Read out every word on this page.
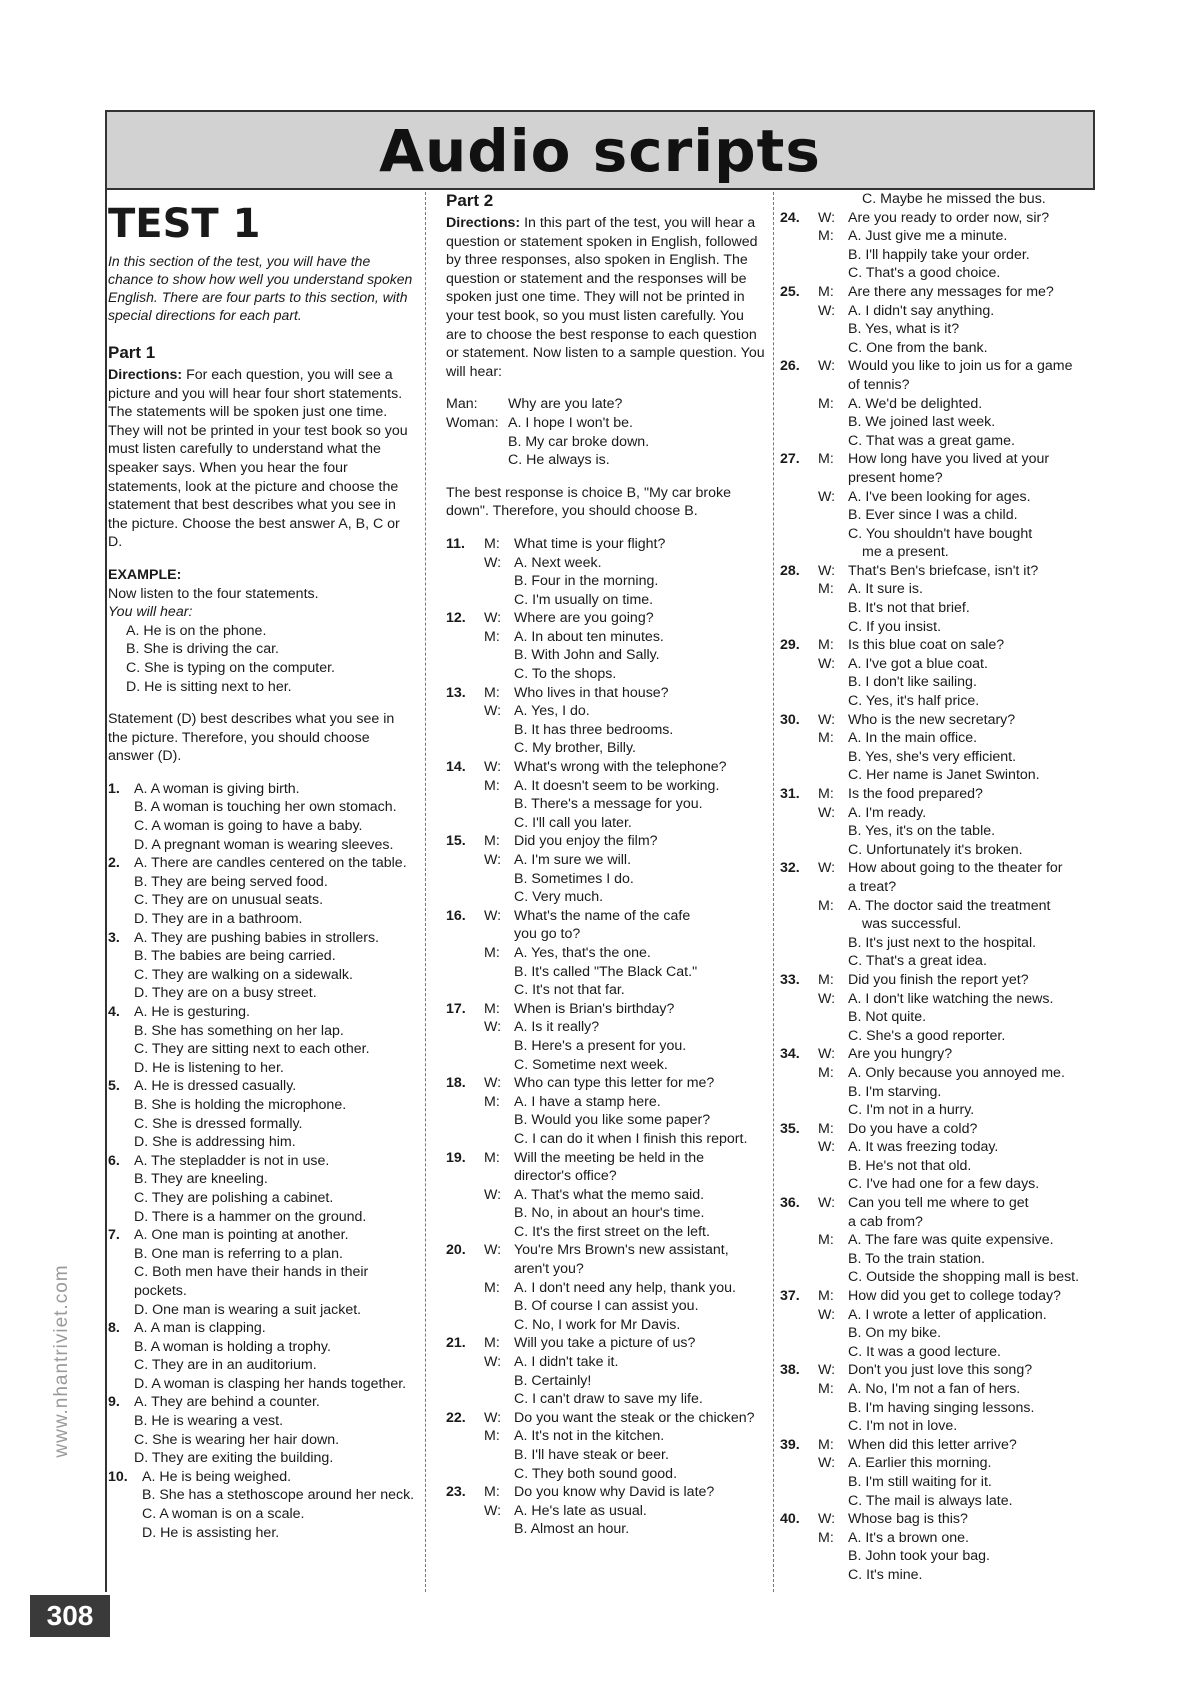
Audio scripts
TEST 1

In this section of the test, you will have the chance to show how well you understand spoken English. There are four parts to this section, with special directions for each part.

Part 1

Directions: For each question, you will see a picture and you will hear four short statements. The statements will be spoken just one time. They will not be printed in your test book so you must listen carefully to understand what the speaker says. When you hear the four statements, look at the picture and choose the statement that best describes what you see in the picture. Choose the best answer A, B, C or D.

EXAMPLE:

Now listen to the four statements.

You will hear:

A. He is on the phone.

B. She is driving the car.

C. She is typing on the computer.

D. He is sitting next to her.

Statement (D) best describes what you see in the picture. Therefore, you should choose answer (D).

1. A. A woman is giving birth.
B. A woman is touching her own stomach.
C. A woman is going to have a baby.
D. A pregnant woman is wearing sleeves.
2. A. There are candles centered on the table.
B. They are being served food.
C. They are on unusual seats.
D. They are in a bathroom.
3. A. They are pushing babies in strollers.
B. The babies are being carried.
C. They are walking on a sidewalk.
D. They are on a busy street.
4. A. He is gesturing.
B. She has something on her lap.
C. They are sitting next to each other.
D. He is listening to her.
5. A. He is dressed casually.
B. She is holding the microphone.
C. She is dressed formally.
D. She is addressing him.
6. A. The stepladder is not in use.
B. They are kneeling.
C. They are polishing a cabinet.
D. There is a hammer on the ground.
7. A. One man is pointing at another.
B. One man is referring to a plan.
C. Both men have their hands in their pockets.
D. One man is wearing a suit jacket.
8. A. A man is clapping.
B. A woman is holding a trophy.
C. They are in an auditorium.
D. A woman is clasping her hands together.
9. A. They are behind a counter.
B. He is wearing a vest.
C. She is wearing her hair down.
D. They are exiting the building.
10.	A. He is being weighed.
B. She has a stethoscope around her neck.
C. A woman is on a scale.
D. He is assisting her.
Part 2

Directions: In this part of the test, you will hear a question or statement spoken in English, followed by three responses, also spoken in English. The question or statement and the responses will be spoken just one time. They will not be printed in your test book, so you must listen carefully. You are to choose the best response to each question or statement. Now listen to a sample question. You will hear:

Man:	Why are you late?
Woman: A. I hope I won't be.
B. My car broke down.
C. He always is.

The best response is choice B, "My car broke down". Therefore, you should choose B.

11.	M:	What time is your flight?
W: A. Next week.
B. Four in the morning.
C. I'm usually on time.
12.	W: Where are you going?
M:	A. In about ten minutes.
B. With John and Sally.
C. To the shops.
13.	M:	Who lives in that house?
W: A. Yes, I do.
B. It has three bedrooms.
C. My brother, Billy.
14.	W: What's wrong with the telephone?
M:	A. It doesn't seem to be working.
B. There's a message for you.
C. I'll call you later.
15.	M:	Did you enjoy the film?
W: A. I'm sure we will.
B. Sometimes I do.
C. Very much.
16.	W: What's the name of the cafe
you go to?
M:	A. Yes, that's the one.
B. It's called "The Black Cat."
C. It's not that far.
17.	M:	When is Brian's birthday?
W: A. Is it really?
B. Here's a present for you.
C. Sometime next week.
18.	W: Who can type this letter for me?
M:	A. I have a stamp here.
B. Would you like some paper?
C. I can do it when I finish this report.
19.	M:	Will the meeting be held in the
director's office?
W: A. That's what the memo said.
B. No, in about an hour's time.
C. It's the first street on the left.
20.	W: You're Mrs Brown's new assistant,
aren't you?
M:	A. I don't need any help, thank you.
B. Of course I can assist you.
C. No, I work for Mr Davis.
21.	M:	Will you take a picture of us?
W: A. I didn't take it.
B. Certainly!
C. I can't draw to save my life.
22.	W: Do you want the steak or the chicken?
M:	A. It's not in the kitchen.
B. I'll have steak or beer.
C. They both sound good.
23.	M:	Do you know why David is late?
W: A. He's late as usual.
B. Almost an hour.

C. Maybe he missed the bus.

24.	W: Are you ready to order now, sir?
M:	A. Just give me a minute.
B. I'll happily take your order.
C. That's a good choice.
25.	M:	Are there any messages for me?
W: A. I didn't say anything.
B. Yes, what is it?
C. One from the bank.
26.	W: Would you like to join us for a game
of tennis?
M:	A. We'd be delighted.
B. We joined last week.
C. That was a great game.
27.	M:	How long have you lived at your
present home?
W: A. I've been looking for ages.
B. Ever since I was a child.
C. You shouldn't have bought
me a present.
28.	W: That's Ben's briefcase, isn't it?
M:	A. It sure is.
B. It's not that brief.
C. If you insist.
29.	M:	Is this blue coat on sale?
W: A. I've got a blue coat.
B. I don't like sailing.
C. Yes, it's half price.
30.	W: Who is the new secretary?
M:	A. In the main office.
B. Yes, she's very efficient.
C. Her name is Janet Swinton.
31.	M:	Is the food prepared?
W: A. I'm ready.
B. Yes, it's on the table.
C. Unfortunately it's broken.
32.	W: How about going to the theater for
a treat?
M:	A. The doctor said the treatment
was successful.
B. It's just next to the hospital.
C. That's a great idea.
33.	M:	Did you finish the report yet?
W: A. I don't like watching the news.
B. Not quite.
C. She's a good reporter.
34.	W: Are you hungry?
M:	A. Only because you annoyed me.
B. I'm starving.
C. I'm not in a hurry.
35.	M:	Do you have a cold?
W: A. It was freezing today.
B. He's not that old.
C. I've had one for a few days.
36.	W: Can you tell me where to get
a cab from?
M:	A. The fare was quite expensive.
B. To the train station.
C. Outside the shopping mall is best.
37.	M:	How did you get to college today?
W: A. I wrote a letter of application.
B. On my bike.
C. It was a good lecture.
38.	W: Don't you just love this song?
M:	A. No, I'm not a fan of hers.
B. I'm having singing lessons.
C. I'm not in love.
39.	M:	When did this letter arrive?
W: A. Earlier this morning.
B. I'm still waiting for it.
C. The mail is always late.
40.	W: Whose bag is this?
M:	A. It's a brown one.
B. John took your bag.
C. It's mine.
www.nhantriviet.com
308
